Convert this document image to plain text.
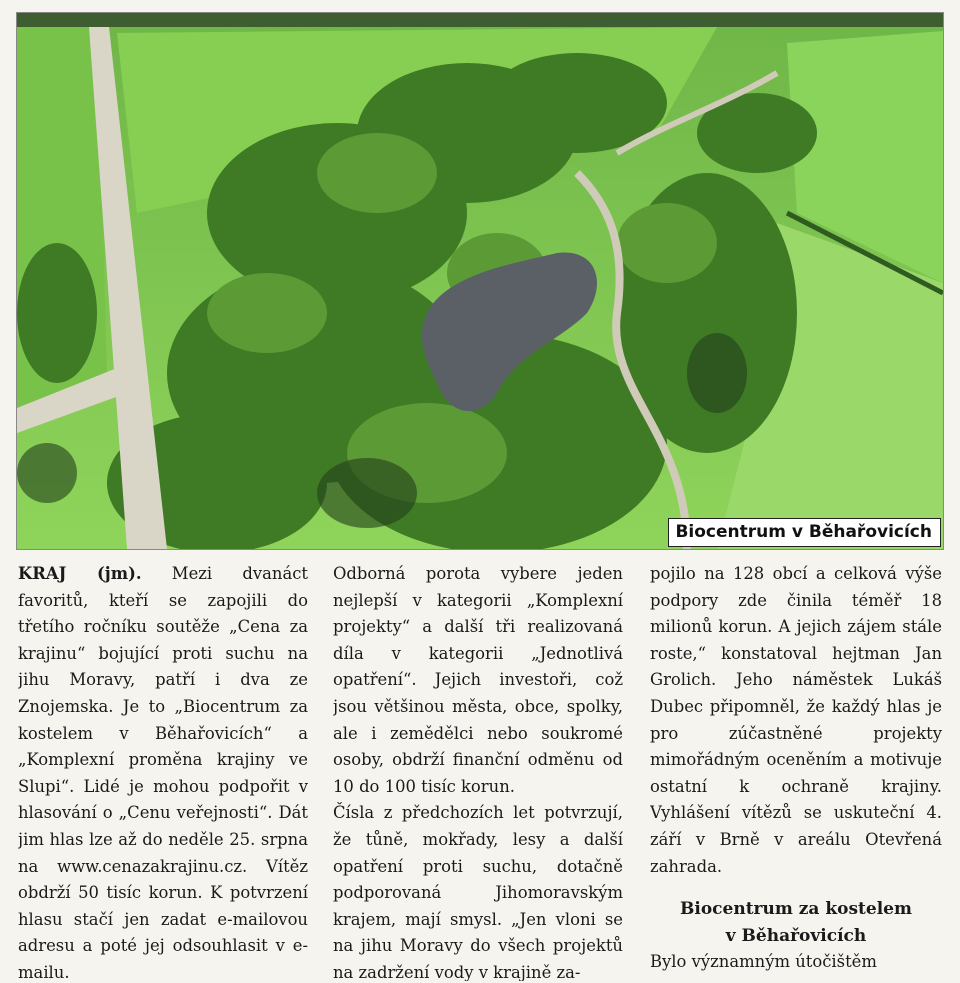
Biocentrum v Běhařovicích

KRAJ (jm). Mezi dvanáct favoritů, kteří se zapojili do třetího ročníku soutěže „Cena za krajinu“ bojující proti suchu na jihu Moravy, patří i dva ze Znojemska. Je to „Biocentrum za kostelem v Běhařovicích“ a „Komplexní proměna krajiny ve Slupi“. Lidé je mohou podpořit v hlasování o „Cenu veřejnosti“. Dát jim hlas lze až do neděle 25. srpna na www.cenazakrajinu.cz. Vítěz obdrží 50 tisíc korun. K potvrzení hlasu stačí jen zadat e-mailovou adresu a poté jej odsouhlasit v e-mailu.

Odborná porota vybere jeden nejlepší v kategorii „Komplexní projekty“ a další tři realizovaná díla v kategorii „Jednotlivá opatření“. Jejich investoři, což jsou většinou města, obce, spolky, ale i zemědělci nebo soukromé osoby, obdrží finanční odměnu od 10 do 100 tisíc korun.

Čísla z předchozích let potvrzují, že tůně, mokřady, lesy a další opatření proti suchu, dotačně podporovaná Jihomoravským krajem, mají smysl. „Jen vloni se na jihu Moravy do všech projektů na zadržení vody v krajině za-

pojilo na 128 obcí a celková výše podpory zde činila téměř 18 milionů korun. A jejich zájem stále roste,“ konstatoval hejtman Jan Grolich. Jeho náměstek Lukáš Dubec připomněl, že každý hlas je pro zúčastněné projekty mimořádným oceněním a motivuje ostatní k ochraně krajiny. Vyhlášení vítězů se uskuteční 4. září v Brně v areálu Otevřená zahrada.

Biocentrum za kostelem
v Běhařovicích

Bylo významným útočištěm
